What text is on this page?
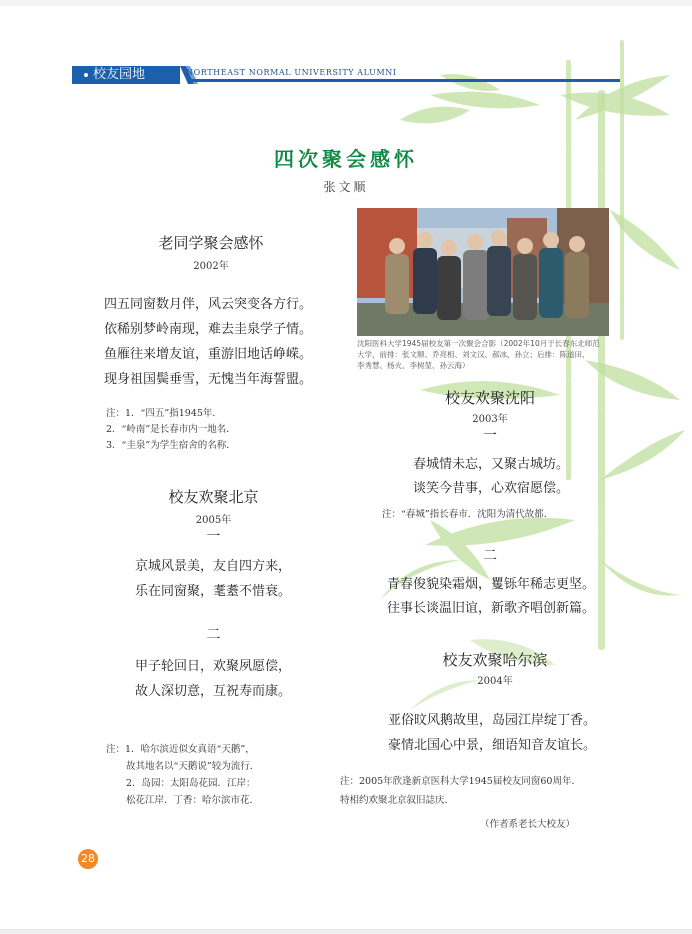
校友园地	NORTHEAST NORMAL UNIVERSITY ALUMNI
四次聚会感怀
张文顺
沈阳医科大学1945届校友第一次聚会合影（2002年10月于长春东北师范
大学，前排：张文顺、乔亮相、刘文汉、郝冰、孙立；后排：陈道田、
李秀慧、杨火、李树堃、孙云海）
老同学聚会感怀
2002年
四五同窗数月伴，风云突变各方行。
依稀别梦岭南现，难去圭泉学子情。
鱼雁往来增友谊，重游旧地话峥嵘。
现身祖国鬓垂雪，无愧当年海誓盟。
注：1．“四五”指1945年．
2．“岭南”是长春市内一地名．
3．“圭泉”为学生宿舍的名称．
校友欢聚北京
2005年
一
京城风景美，友自四方来，
乐在同窗聚，耄耋不惜衰。
二
甲子轮回日，欢聚夙愿偿，
故人深切意，互祝寿而康。
注：1．哈尔滨近似女真语“天鹅”，
故其地名以“天鹅说”较为流行．
2．岛园：太阳岛花园．江岸：
松花江岸．丁香：哈尔滨市花．
校友欢聚沈阳
2003年
一
春城情未忘，又聚古城坊。
谈笑今昔事，心欢宿愿偿。
注：“春城”指长春市．沈阳为清代故都．
二
青春俊貌染霜烟，矍铄年稀志更坚。
往事长谈温旧谊，新歌齐唱创新篇。
校友欢聚哈尔滨
2004年
亚俗旼风鹅故里，岛园江岸绽丁香。
豪情北国心中景，细语知音友谊长。
注：2005年欣逢新京医科大学1945届校友同窗60周年．
特相约欢聚北京叙旧誌庆．
（作者系老长大校友）
28
